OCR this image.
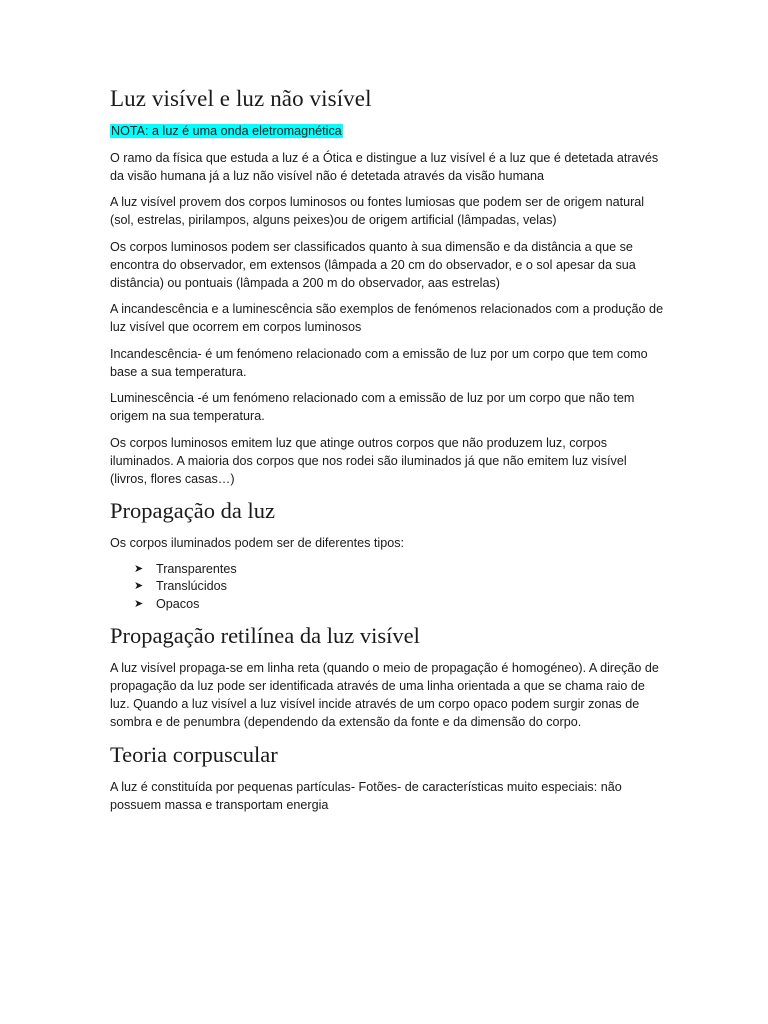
Luz visível e luz não visível

NOTA: a luz é uma onda eletromagnética

O ramo da física que estuda a luz é a Ótica e distingue a luz visível é a luz que é detetada através da visão humana já a luz não visível não é detetada através da visão humana

A luz visível provem dos corpos luminosos ou fontes lumiosas que podem ser de origem natural (sol, estrelas, pirilampos, alguns peixes)ou de origem artificial (lâmpadas, velas)

Os corpos luminosos podem ser classificados quanto à sua dimensão e da distância a que se encontra do observador, em extensos (lâmpada a 20 cm do observador, e o sol apesar da sua distância) ou pontuais (lâmpada a 200 m do observador, aas estrelas)

A incandescência e a luminescência são exemplos de fenómenos relacionados com a produção de luz visível que ocorrem em corpos luminosos

Incandescência- é um fenómeno relacionado com a emissão de luz por um corpo que tem como base a sua temperatura.

Luminescência -é um fenómeno relacionado com a emissão de luz por um corpo que não tem origem na sua temperatura.

Os corpos luminosos emitem luz que atinge outros corpos que não produzem luz, corpos iluminados. A maioria dos corpos que nos rodei são iluminados já que não emitem luz visível (livros, flores casas…)

Propagação da luz

Os corpos iluminados podem ser de diferentes tipos:

➤	Transparentes
➤	Translúcidos
➤	Opacos
Propagação retilínea da luz visível

A luz visível propaga-se em linha reta (quando o meio de propagação é homogéneo). A direção de propagação da luz pode ser identificada através de uma linha orientada a que se chama raio de luz. Quando a luz visível a luz visível incide através de um corpo opaco podem surgir zonas de sombra e de penumbra (dependendo da extensão da fonte e da dimensão do corpo.

Teoria corpuscular

A luz é constituída por pequenas partículas- Fotões- de características muito especiais: não possuem massa e transportam energia
